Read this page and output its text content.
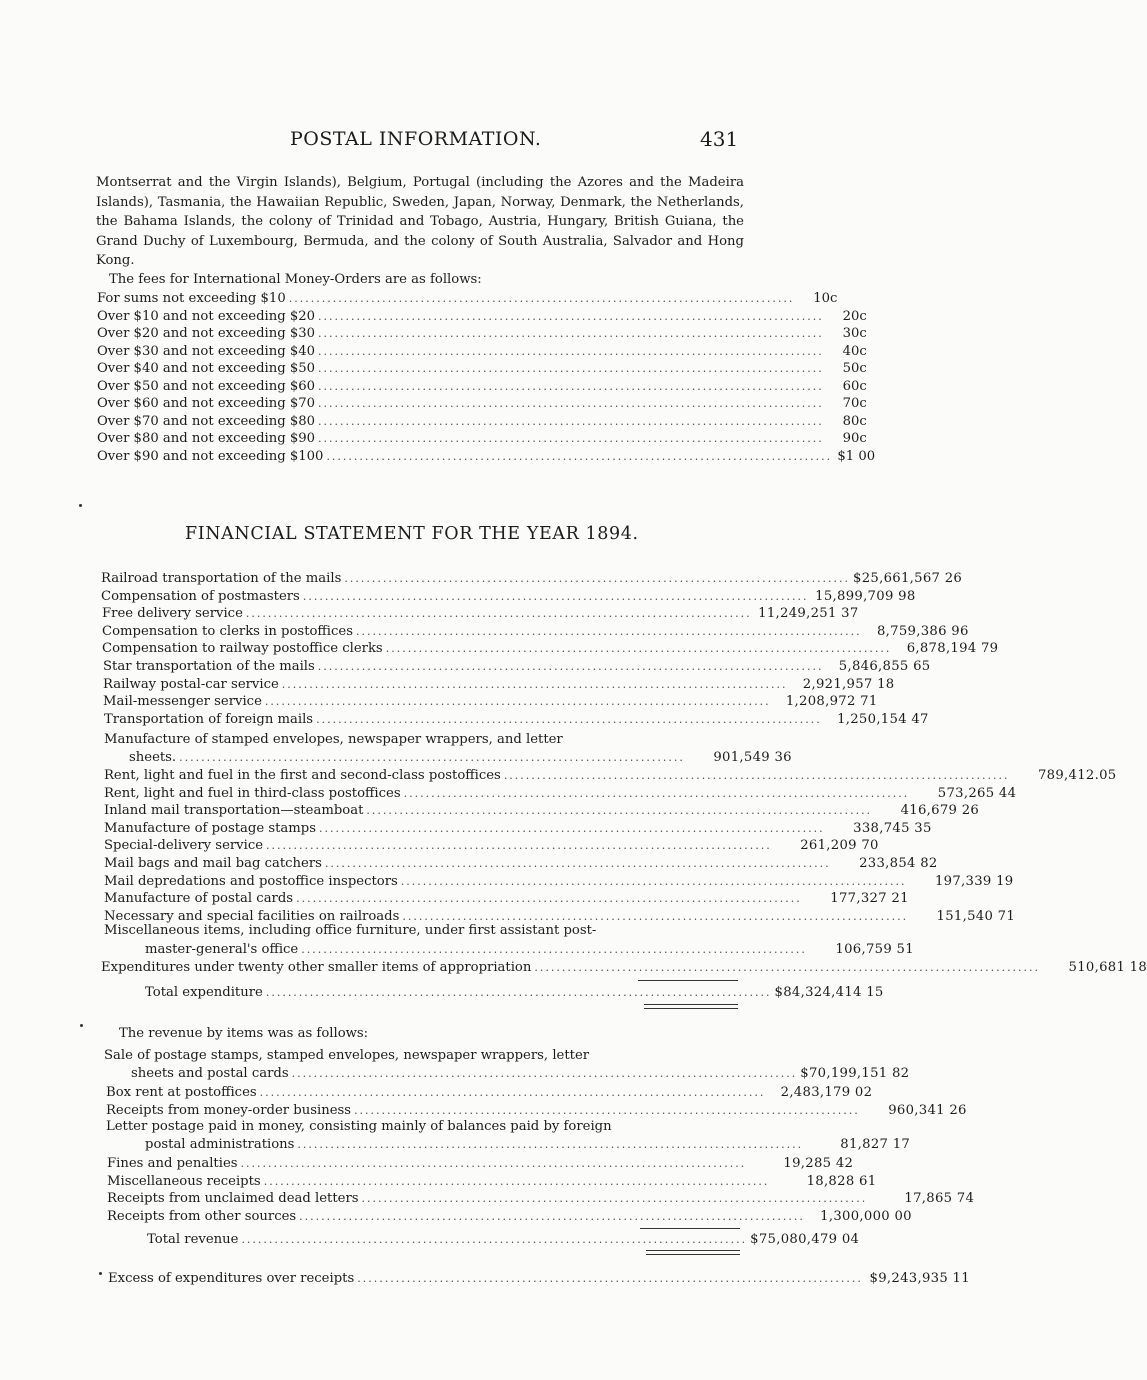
POSTAL INFORMATION.	431
Montserrat and the Virgin Islands), Belgium, Portugal (including the Azores and the Madeira Islands), Tasmania, the Hawaiian Republic, Sweden, Japan, Norway, Denmark, the Netherlands, the Bahama Islands, the colony of Trinidad and Tobago, Austria, Hungary, British Guiana, the Grand Duchy of Luxembourg, Bermuda, and the colony of South Australia, Salvador and Hong Kong.
The fees for International Money-Orders are as follows:
For sums not exceeding $10 ............................................................................................	10c
Over $10 and not exceeding $20 ............................................................................................	20c
Over $20 and not exceeding $30 ............................................................................................	30c
Over $30 and not exceeding $40 ............................................................................................	40c
Over $40 and not exceeding $50 ............................................................................................	50c
Over $50 and not exceeding $60 ............................................................................................	60c
Over $60 and not exceeding $70 ............................................................................................	70c
Over $70 and not exceeding $80 ............................................................................................	80c
Over $80 and not exceeding $90 ............................................................................................	90c
Over $90 and not exceeding $100 ............................................................................................ $1 00
FINANCIAL STATEMENT FOR THE YEAR 1894.
Railroad transportation of the mails ............................................................................................ $25,661,567 26
Compensation of postmasters ............................................................................................ 15,899,709 98
Free delivery service ............................................................................................ 11,249,251 37
Compensation to clerks in postoffices ............................................................................................	8,759,386 96
Compensation to railway postoffice clerks ............................................................................................	6,878,194 79
Star transportation of the mails ............................................................................................	5,846,855 65
Railway postal-car service ............................................................................................	2,921,957 18
Mail-messenger service ............................................................................................	1,208,972 71
Transportation of foreign mails ............................................................................................	1,250,154 47
Manufacture of stamped envelopes, newspaper wrappers, and letter
sheets. ............................................................................................	901,549 36
Rent, light and fuel in the first and second-class postoffices ............................................................................................	789,412.05
Rent, light and fuel in third-class postoffices ............................................................................................	573,265 44
Inland mail transportation—steamboat ............................................................................................	416,679 26
Manufacture of postage stamps ............................................................................................	338,745 35
Special-delivery service ............................................................................................	261,209 70
Mail bags and mail bag catchers ............................................................................................	233,854 82
Mail depredations and postoffice inspectors ............................................................................................	197,339 19
Manufacture of postal cards ............................................................................................	177,327 21
Necessary and special facilities on railroads ............................................................................................	151,540 71
Miscellaneous items, including office furniture, under first assistant post-
master-general's office ............................................................................................	106,759 51
Expenditures under twenty other smaller items of appropriation ............................................................................................	510,681 18
Total expenditure ............................................................................................ $84,324,414 15
The revenue by items was as follows:
Sale of postage stamps, stamped envelopes, newspaper wrappers, letter
sheets and postal cards ............................................................................................ $70,199,151 82
Box rent at postoffices ............................................................................................	2,483,179 02
Receipts from money-order business ............................................................................................	960,341 26
Letter postage paid in money, consisting mainly of balances paid by foreign
postal administrations ............................................................................................	81,827 17
Fines and penalties ............................................................................................	19,285 42
Miscellaneous receipts ............................................................................................	18,828 61
Receipts from unclaimed dead letters ............................................................................................	17,865 74
Receipts from other sources ............................................................................................	1,300,000 00
Total revenue ............................................................................................ $75,080,479 04
Excess of expenditures over receipts ............................................................................................ $9,243,935 11
